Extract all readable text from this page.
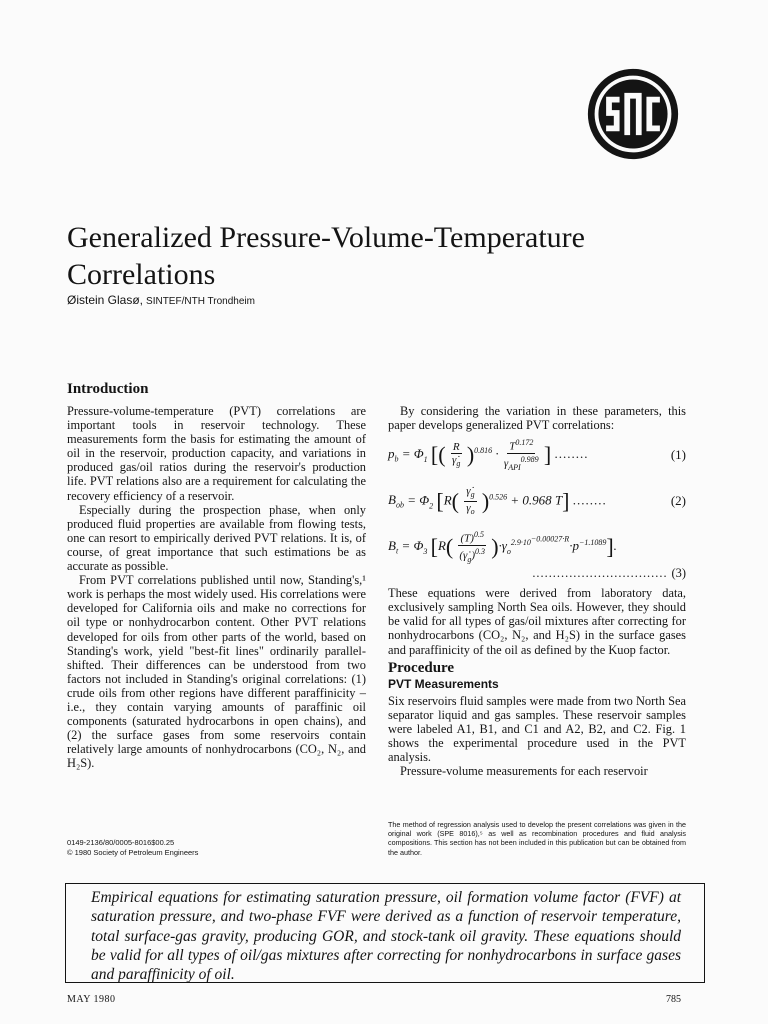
Generalized Pressure-Volume-Temperature Correlations
Øistein Glasø, SINTEF/NTH Trondheim
Introduction

Pressure-volume-temperature (PVT) correlations are important tools in reservoir technology. These measurements form the basis for estimating the amount of oil in the reservoir, production capacity, and variations in produced gas/oil ratios during the reservoir's production life. PVT relations also are a requirement for calculating the recovery efficiency of a reservoir.

Especially during the prospection phase, when only produced fluid properties are available from flowing tests, one can resort to empirically derived PVT relations. It is, of course, of great importance that such estimations be as accurate as possible.

From PVT correlations published until now, Standing's,¹ work is perhaps the most widely used. His correlations were developed for California oils and make no corrections for oil type or nonhydrocarbon content. Other PVT relations developed for oils from other parts of the world, based on Standing's work, yield "best-fit lines" ordinarily parallel-shifted. Their differences can be understood from two factors not included in Standing's original correlations: (1) crude oils from other regions have different paraffinicity – i.e., they contain varying amounts of paraffinic oil components (saturated hydrocarbons in open chains), and (2) the surface gases from some reservoirs contain relatively large amounts of nonhydrocarbons (CO₂, N₂, and H₂S).

By considering the variation in these parameters, this paper develops generalized PVT correlations:

$p_b = \Phi_1$ [( $\frac{R}{\gammȧ_g} )^{0.816} \cdot \frac{T^{0.172}}{\gamma_{API}^{0.989}}$ ] ........	(1)
$B_{ob} = \Phi_2$ [$R( \frac{\gammȧ_g}{\gamma_o} )^{0.526} + 0.968$ T] ........	(2)
$B_t = \Phi_3$ $[R( \frac{(T)^{0.5}}{(\gammȧ_g)^{0.3}} )\cdot\gamma_o^{2.9\cdot 10^{-0.00027\cdot R}}\cdot p^{-1.1089}]$.
................................. (3)

These equations were derived from laboratory data, exclusively sampling North Sea oils. However, they should be valid for all types of gas/oil mixtures after correcting for nonhydrocarbons (CO₂, N₂, and H₂S) in the surface gases and paraffinicity of the oil as defined by the Kuop factor.

Procedure
PVT Measurements

Six reservoirs fluid samples were made from two North Sea separator liquid and gas samples. These reservoir samples were labeled A1, B1, and C1 and A2, B2, and C2. Fig. 1 shows the experimental procedure used in the PVT analysis.

Pressure-volume measurements for each reservoir

0149-2136/80/0005-8016$00.25
© 1980 Society of Petroleum Engineers
The method of regression analysis used to develop the present correlations was given in the original work (SPE 8016),⁵ as well as recombination procedures and fluid analysis compositions. This section has not been included in this publication but can be obtained from the author.

Empirical equations for estimating saturation pressure, oil formation volume factor (FVF) at saturation pressure, and two-phase FVF were derived as a function of reservoir temperature, total surface-gas gravity, producing GOR, and stock-tank oil gravity. These equations should be valid for all types of oil/gas mixtures after correcting for nonhydrocarbons in surface gases and paraffinicity of oil.

MAY 1980	785
